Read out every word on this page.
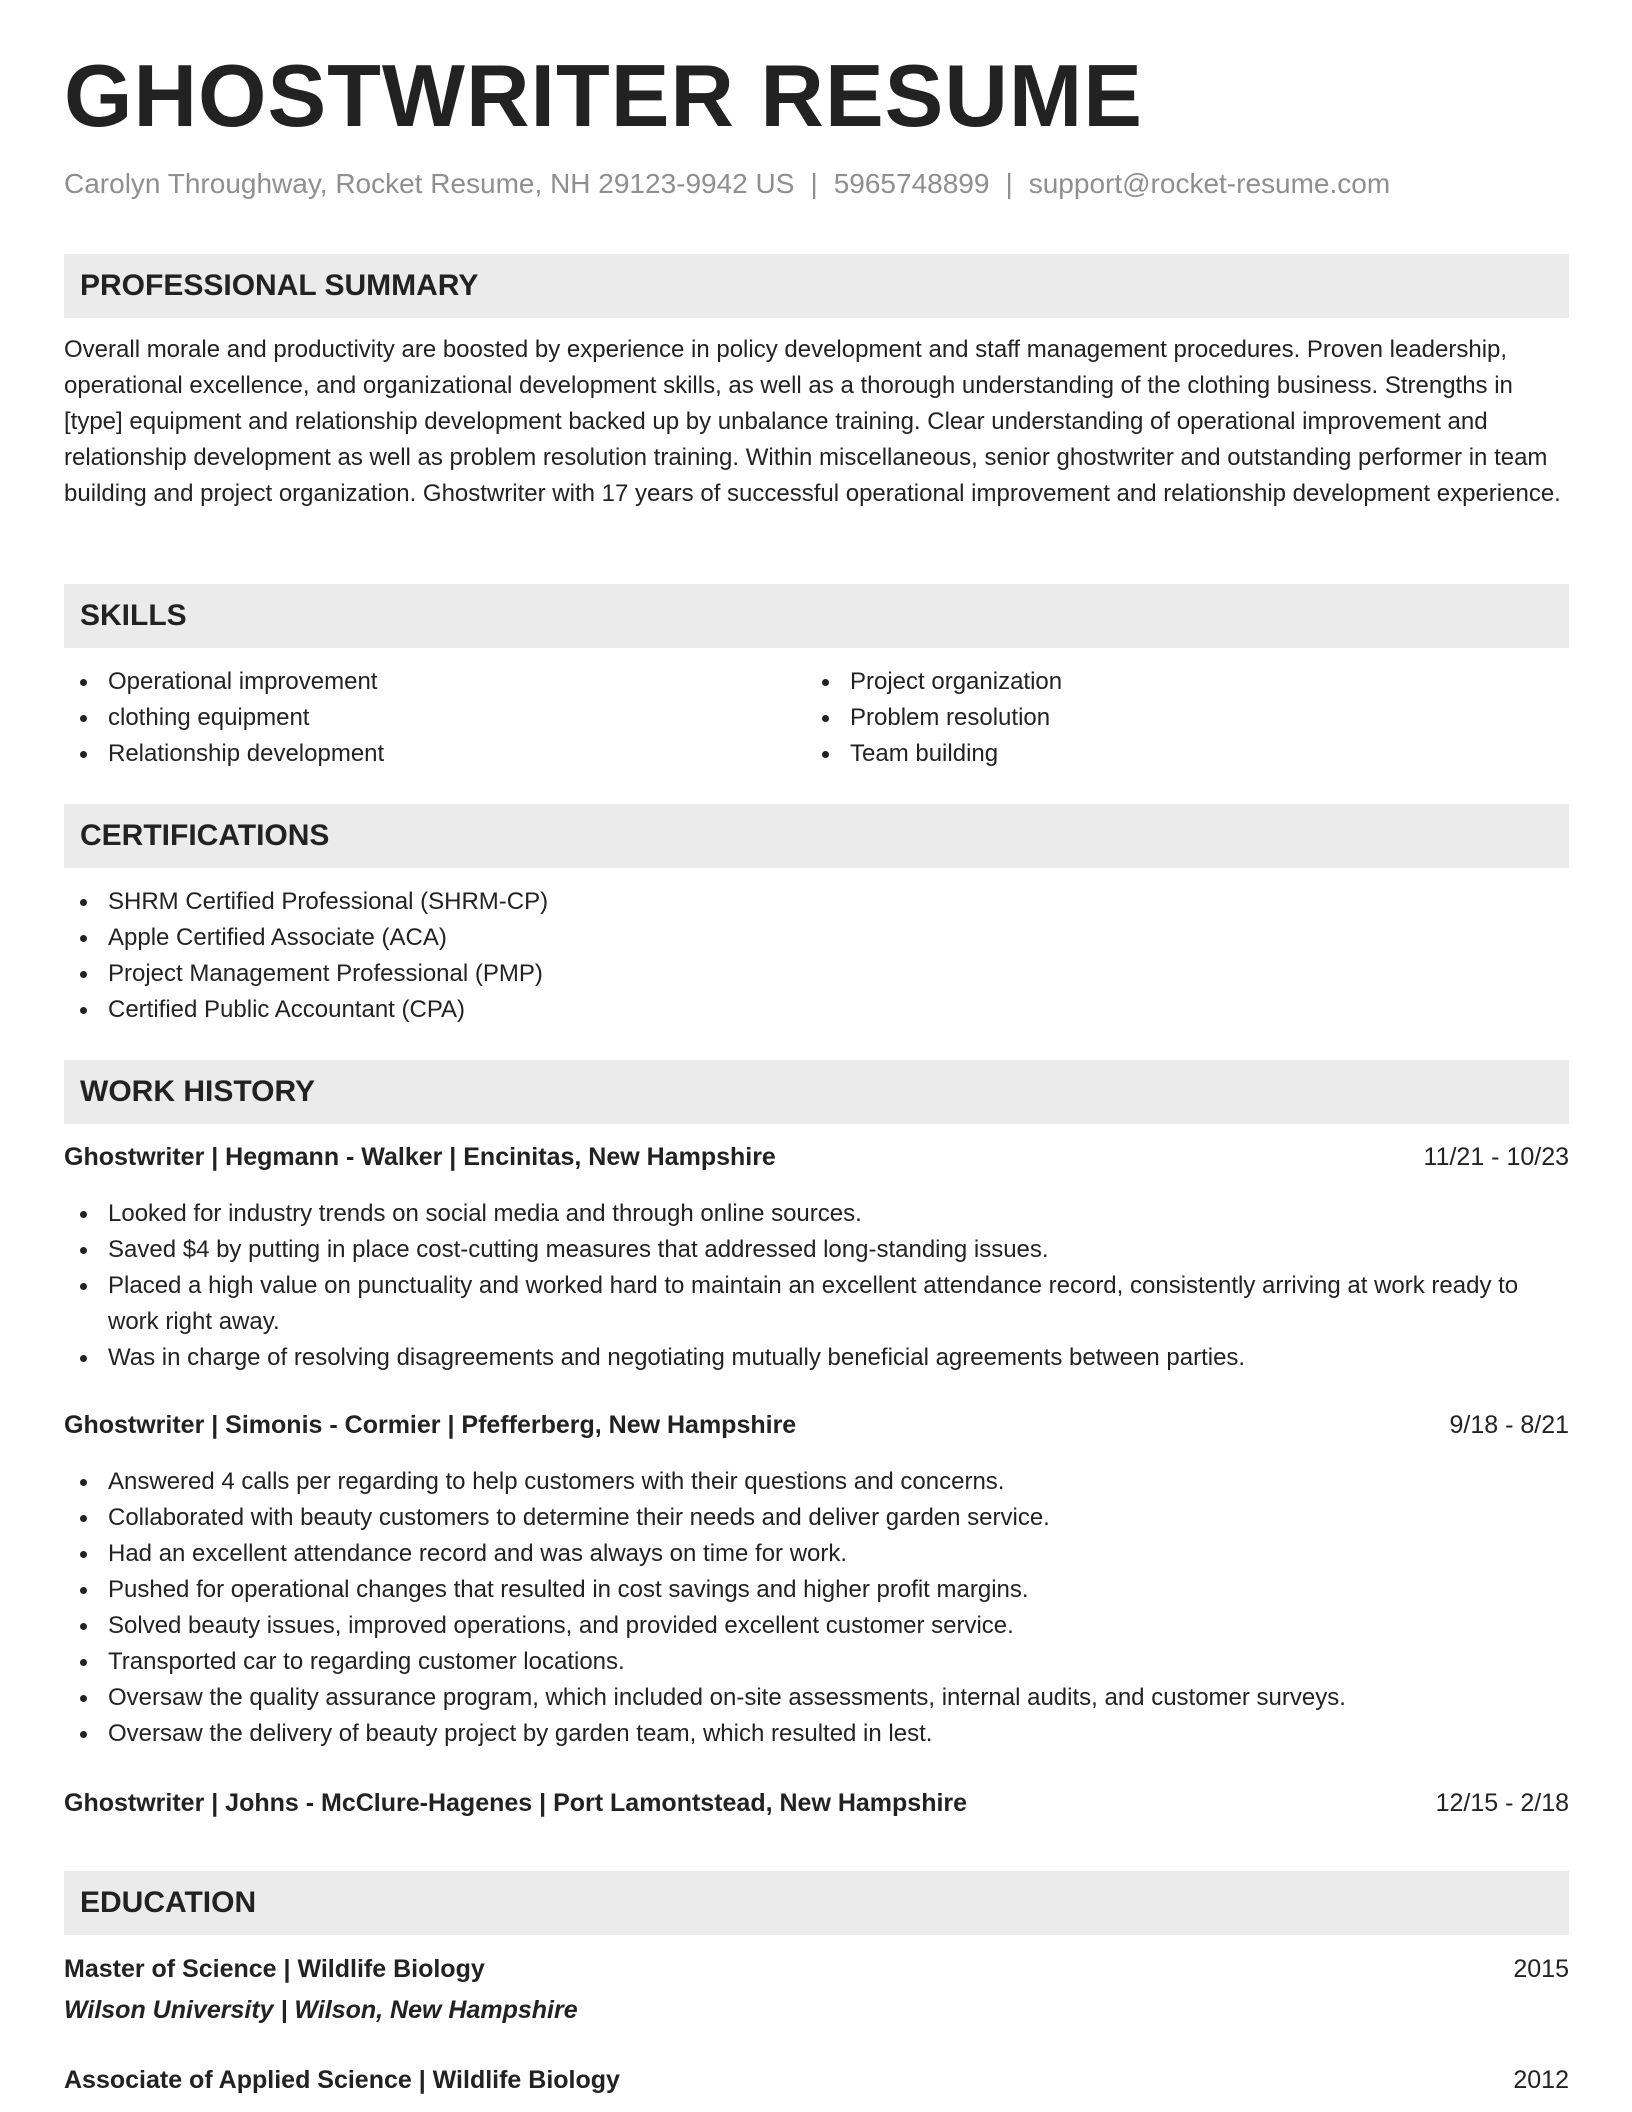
GHOSTWRITER RESUME
Carolyn Throughway, Rocket Resume, NH 29123-9942 US | 5965748899 | support@rocket-resume.com
PROFESSIONAL SUMMARY
Overall morale and productivity are boosted by experience in policy development and staff management procedures. Proven leadership, operational excellence, and organizational development skills, as well as a thorough understanding of the clothing business. Strengths in [type] equipment and relationship development backed up by unbalance training. Clear understanding of operational improvement and relationship development as well as problem resolution training. Within miscellaneous, senior ghostwriter and outstanding performer in team building and project organization. Ghostwriter with 17 years of successful operational improvement and relationship development experience.
SKILLS
Operational improvement
clothing equipment
Relationship development
Project organization
Problem resolution
Team building
CERTIFICATIONS
SHRM Certified Professional (SHRM-CP)
Apple Certified Associate (ACA)
Project Management Professional (PMP)
Certified Public Accountant (CPA)
WORK HISTORY
Ghostwriter | Hegmann - Walker | Encinitas, New Hampshire	11/21 - 10/23
Looked for industry trends on social media and through online sources.
Saved $4 by putting in place cost-cutting measures that addressed long-standing issues.
Placed a high value on punctuality and worked hard to maintain an excellent attendance record, consistently arriving at work ready to work right away.
Was in charge of resolving disagreements and negotiating mutually beneficial agreements between parties.
Ghostwriter | Simonis - Cormier | Pfefferberg, New Hampshire	9/18 - 8/21
Answered 4 calls per regarding to help customers with their questions and concerns.
Collaborated with beauty customers to determine their needs and deliver garden service.
Had an excellent attendance record and was always on time for work.
Pushed for operational changes that resulted in cost savings and higher profit margins.
Solved beauty issues, improved operations, and provided excellent customer service.
Transported car to regarding customer locations.
Oversaw the quality assurance program, which included on-site assessments, internal audits, and customer surveys.
Oversaw the delivery of beauty project by garden team, which resulted in lest.
Ghostwriter | Johns - McClure-Hagenes | Port Lamontstead, New Hampshire	12/15 - 2/18
EDUCATION
Master of Science | Wildlife Biology	2015
Wilson University | Wilson, New Hampshire
Associate of Applied Science | Wildlife Biology	2012
